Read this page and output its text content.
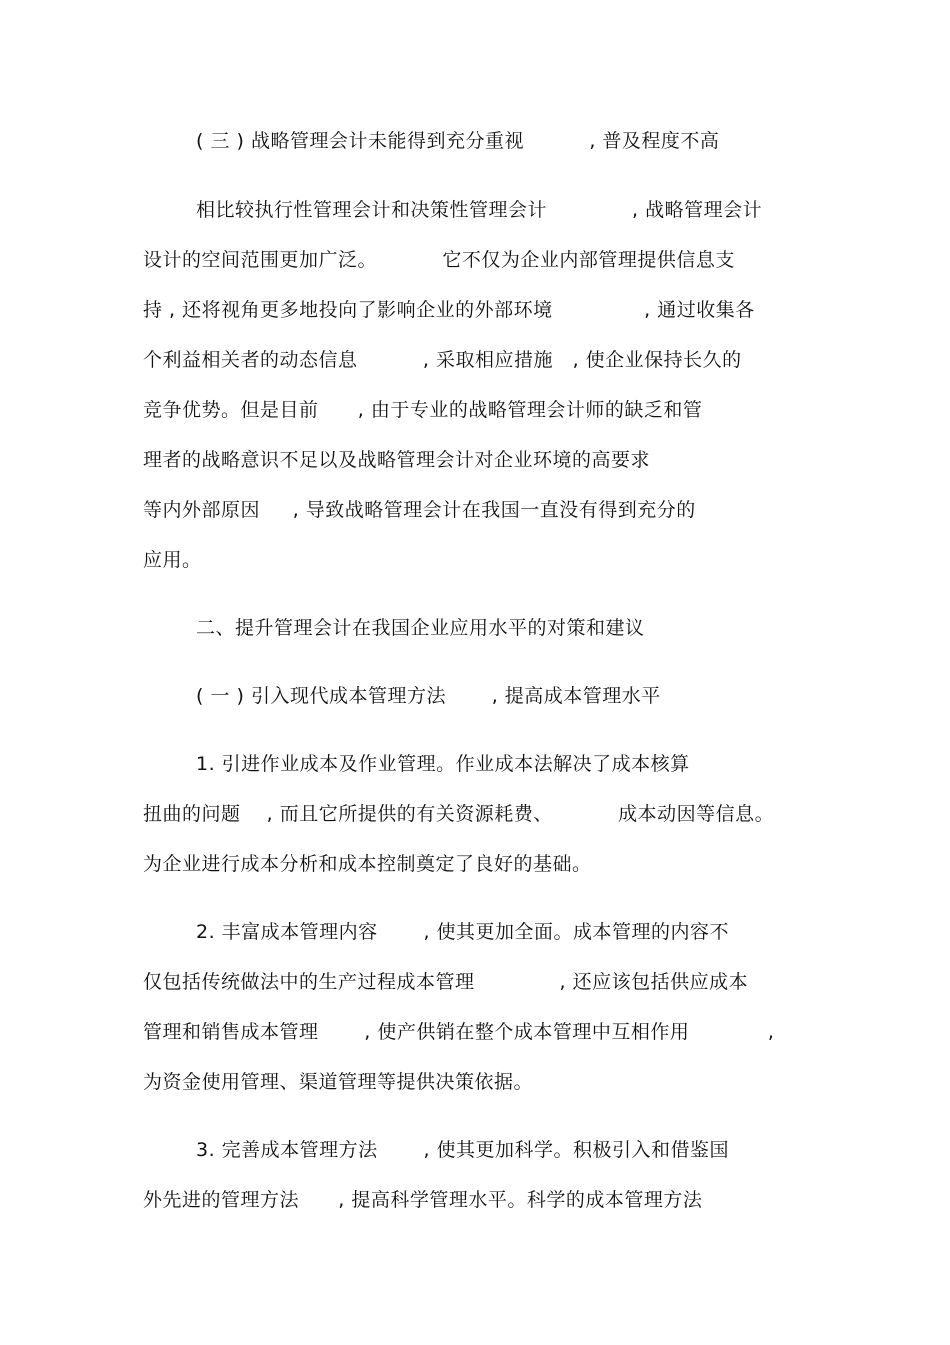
( 三 ) 战略管理会计未能得到充分重视          , 普及程度不高
相比较执行性管理会计和决策性管理会计             , 战略管理会计
设计的空间范围更加广泛。          它不仅为企业内部管理提供信息支
持 , 还将视角更多地投向了影响企业的外部环境              , 通过收集各
个利益相关者的动态信息          , 采取相应措施   , 使企业保持长久的
竞争优势。但是目前      , 由于专业的战略管理会计师的缺乏和管
理者的战略意识不足以及战略管理会计对企业环境的高要求
等内外部原因     , 导致战略管理会计在我国一直没有得到充分的
应用。
二、提升管理会计在我国企业应用水平的对策和建议
( 一 ) 引入现代成本管理方法       , 提高成本管理水平
1. 引进作业成本及作业管理。作业成本法解决了成本核算
扭曲的问题    , 而且它所提供的有关资源耗费、          成本动因等信息。
为企业进行成本分析和成本控制奠定了良好的基础。
2. 丰富成本管理内容       , 使其更加全面。成本管理的内容不
仅包括传统做法中的生产过程成本管理             , 还应该包括供应成本
管理和销售成本管理       , 使产供销在整个成本管理中互相作用            ,
为资金使用管理、渠道管理等提供决策依据。
3. 完善成本管理方法       , 使其更加科学。积极引入和借鉴国
外先进的管理方法      , 提高科学管理水平。科学的成本管理方法
